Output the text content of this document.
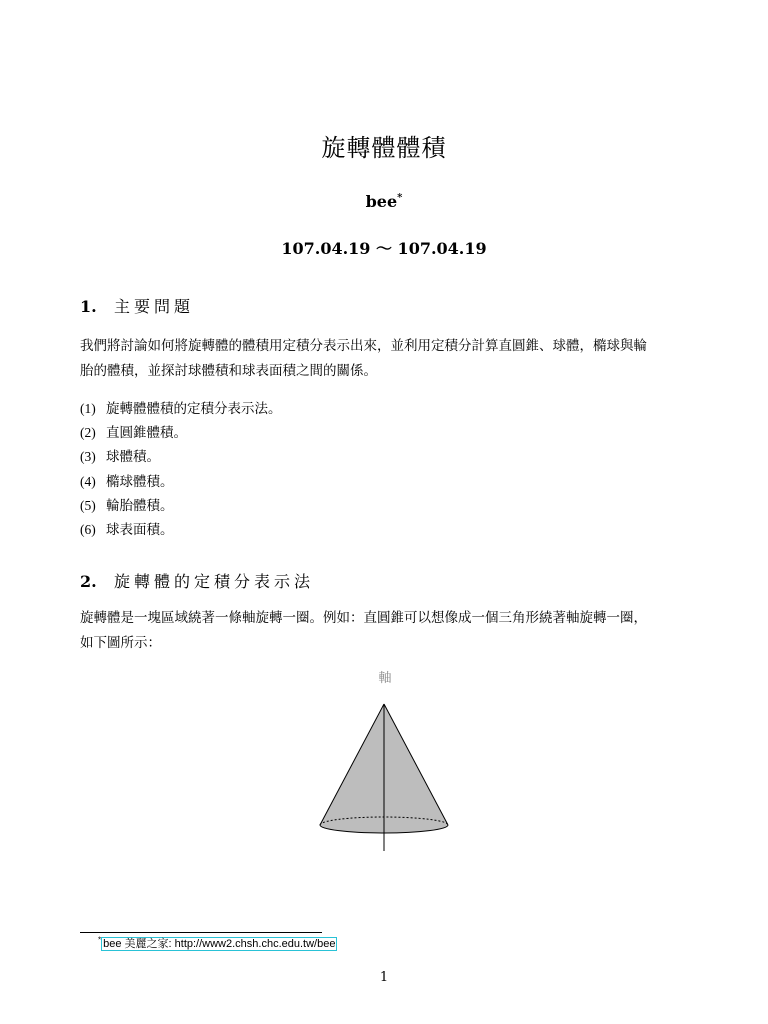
旋轉體體積
bee*
107.04.19 ～ 107.04.19
1. 主要問題
我們將討論如何將旋轉體的體積用定積分表示出來，並利用定積分計算直圓錐、球體，橢球與輪
胎的體積，並探討球體積和球表面積之間的關係。
(1) 旋轉體體積的定積分表示法。
(2) 直圓錐體積。
(3) 球體積。
(4) 橢球體積。
(5) 輪胎體積。
(6) 球表面積。
2. 旋轉體的定積分表示法
旋轉體是一塊區域繞著一條軸旋轉一圈。例如：直圓錐可以想像成一個三角形繞著軸旋轉一圈，
如下圖所示：
軸
* bee 美麗之家: http://www2.chsh.chc.edu.tw/bee
1
